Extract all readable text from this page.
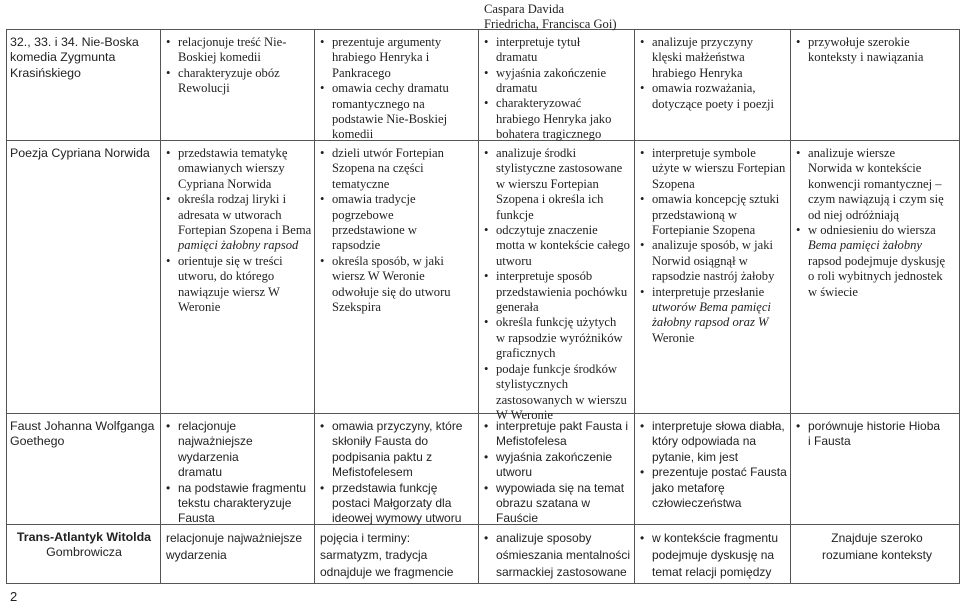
32., 33. i 34. Nie-Boska

komedia Zygmunta

Krasińskiego

• relacjonuje treść Nie-
Boskiej komedii
• charakteryzuje obóz
Rewolucji
• prezentuje argumenty
hrabiego Henryka i
Pankracego
• omawia cechy dramatu
romantycznego na
podstawie Nie-Boskiej
komedii

Caspara Davida

Friedricha, Francisca Goi)

• interpretuje tytuł
dramatu
• wyjaśnia zakończenie
dramatu
• charakteryzować
hrabiego Henryka jako
bohatera tragicznego
• analizuje przyczyny
klęski małżeństwa
hrabiego Henryka
• omawia rozważania,
dotyczące poety i poezji
• przywołuje szerokie
konteksty i nawiązania

Poezja Cypriana Norwida

•	przedstawia tematykę
omawianych wierszy
Cypriana Norwida
• określa rodzaj liryki i
adresata w utworach
Fortepian Szopena i Bema
pamięci żałobny rapsod
• orientuje się w treści
utworu, do którego
nawiązuje wiersz W
Weronie
• dzieli utwór Fortepian
Szopena na części
tematyczne
• omawia tradycje
pogrzebowe
przedstawione w
rapsodzie
• określa sposób, w jaki
wiersz W Weronie
odwołuje się do utworu
Szekspira
• analizuje środki
stylistyczne zastosowane
w wierszu Fortepian
Szopena i określa ich
funkcje
• odczytuje znaczenie
motta w kontekście całego
utworu
• interpretuje sposób
przedstawienia pochówku
generała
• określa funkcję użytych
w rapsodzie wyróżników
graficznych
• podaje funkcje środków
stylistycznych
zastosowanych w wierszu
W Weronie
• interpretuje symbole
użyte w wierszu Fortepian
Szopena
• omawia koncepcję sztuki
przedstawioną w
Fortepianie Szopena
• analizuje sposób, w jaki
Norwid osiągnął w
rapsodzie nastrój żałoby
• interpretuje przesłanie
utworów Bema pamięci
żałobny rapsod oraz W
Weronie
• analizuje wiersze
Norwida w kontekście
konwencji romantycznej –
czym nawiązują i czym się
od niej odróżniają
• w odniesieniu do wiersza
Bema pamięci żałobny
rapsod podejmuje dyskusję
o roli wybitnych jednostek
w świecie

Faust Johanna Wolfganga

Goethego

• relacjonuje
najważniejsze wydarzenia
dramatu
• na podstawie fragmentu
tekstu charakteryzuje
Fausta
• omawia przyczyny, które
skłoniły Fausta do
podpisania paktu z
Mefistofelesem
• przedstawia funkcję
postaci Małgorzaty dla
ideowej wymowy utworu
• interpretuje pakt Fausta i
Mefistofelesa
• wyjaśnia zakończenie
utworu
• wypowiada się na temat
obrazu szatana w Fauście
• interpretuje słowa diabła,
który odpowiada na
pytanie, kim jest
• prezentuje postać Fausta
jako metaforę
człowieczeństwa
• porównuje historie Hioba
i Fausta

Trans-Atlantyk Witolda

Gombrowicza

relacjonuje najważniejsze

wydarzenia

pojęcia i terminy:

sarmatyzm, tradycja

odnajduje we fragmencie

• analizuje sposoby
ośmieszania mentalności
sarmackiej zastosowane
• w kontekście fragmentu
podejmuje dyskusję na
temat relacji pomiędzy

Znajduje szeroko

rozumiane konteksty

2
